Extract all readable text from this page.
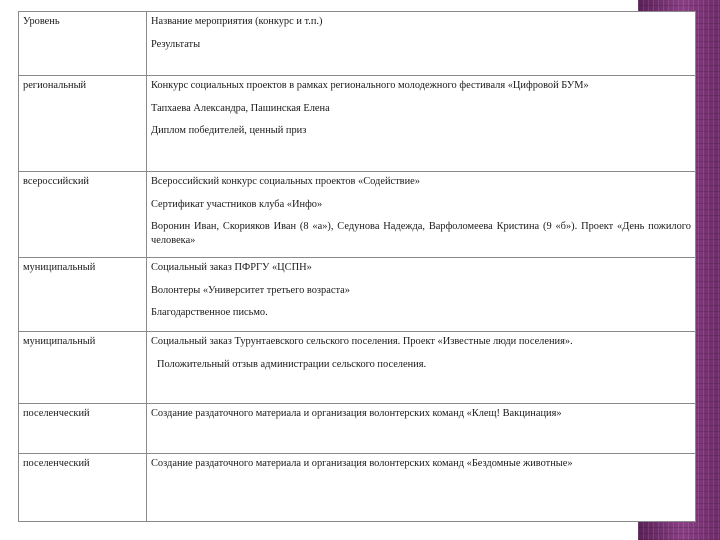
Уровень	Название мероприятия (конкурс и т.п.)

Результаты

региональный	Конкурс социальных проектов в рамках регионального молодежного фестиваля «Цифровой БУМ»

Тапхаева Александра, Пашинская Елена

Диплом победителей, ценный приз

всероссийский	Всероссийский конкурс социальных проектов «Содействие»

Сертификат участников клуба «Инфо»

Воронин Иван, Скорияков Иван (8 «а»), Седунова Надежда, Варфоломеева Кристина (9 «б»). Проект «День пожилого человека»

муниципальный	Социальный заказ ПФРГУ «ЦСПН»

Волонтеры «Университет третьего возраста»

Благодарственное письмо.

муниципальный	Социальный заказ Турунтаевского сельского поселения. Проект «Известные люди поселения».

Положительный отзыв администрации сельского поселения.

поселенческий	Создание раздаточного материала и организация волонтерских команд «Клещ! Вакцинация»

поселенческий	Создание раздаточного материала и организация волонтерских команд «Бездомные животные»
